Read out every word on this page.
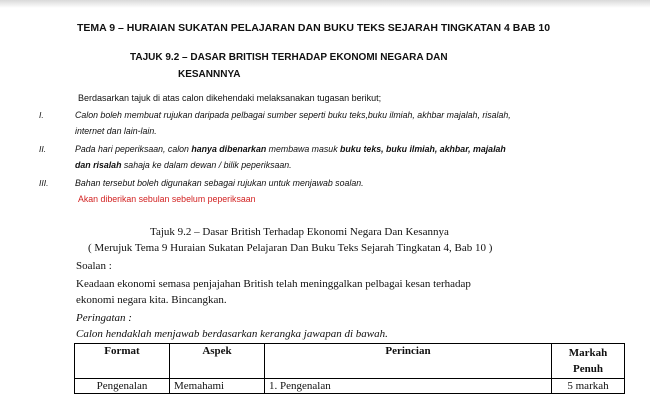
TEMA 9 – HURAIAN SUKATAN PELAJARAN DAN BUKU TEKS SEJARAH TINGKATAN 4 BAB 10
TAJUK 9.2 – DASAR BRITISH TERHADAP EKONOMI NEGARA DAN
KESANNNYA
Berdasarkan tajuk di atas calon dikehendaki melaksanakan tugasan berikut;
I.	Calon boleh membuat rujukan daripada pelbagai sumber seperti buku teks,buku ilmiah, akhbar majalah, risalah,
internet dan lain-lain.
II.	Pada hari peperiksaan, calon hanya dibenarkan membawa masuk buku teks, buku ilmiah, akhbar, majalah
dan risalah sahaja ke dalam dewan / bilik peperiksaan.
III.	Bahan tersebut boleh digunakan sebagai rujukan untuk menjawab soalan.
Akan diberikan sebulan sebelum peperiksaan
Tajuk 9.2 – Dasar British Terhadap Ekonomi Negara Dan Kesannya
( Merujuk Tema 9 Huraian Sukatan Pelajaran Dan Buku Teks Sejarah Tingkatan 4, Bab 10 )
Soalan :
Keadaan ekonomi semasa penjajahan British telah meninggalkan pelbagai kesan terhadap
ekonomi negara kita. Bincangkan.
Peringatan :
Calon hendaklah menjawab berdasarkan kerangka jawapan di bawah.
Format	Aspek	Perincian	Markah
Penuh

Pengenalan	Memahami	1. Pengenalan	5 markah
